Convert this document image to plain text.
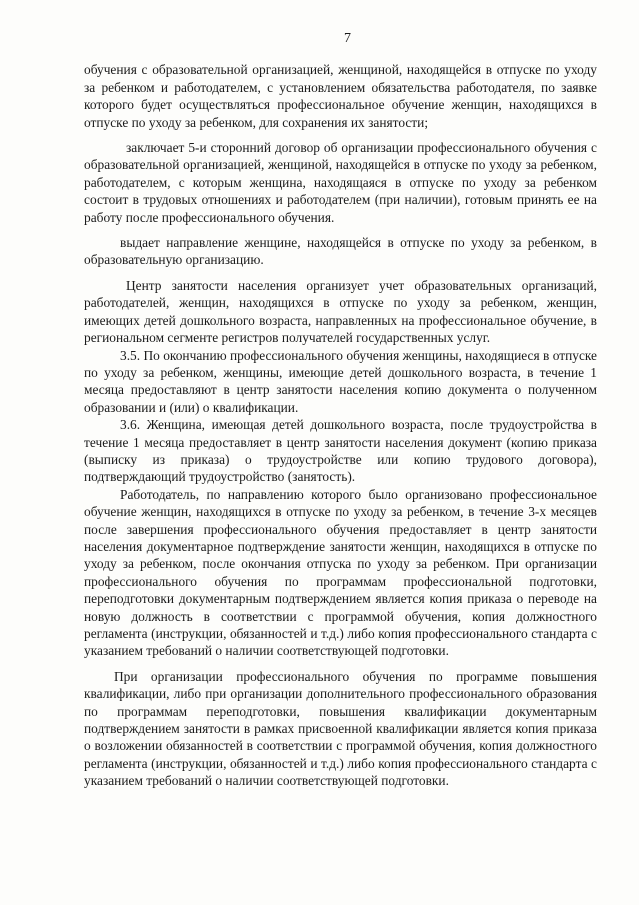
7

обучения с образовательной организацией, женщиной, находящейся в отпуске по уходу за ребенком и работодателем, с установлением обязательства работодателя, по заявке которого будет осуществляться профессиональное обучение женщин, находящихся в отпуске по уходу за ребенком, для сохранения их занятости;

заключает 5-и сторонний договор об организации профессионального обучения с образовательной организацией, женщиной, находящейся в отпуске по уходу за ребенком, работодателем, с которым женщина, находящаяся в отпуске по уходу за ребенком состоит в трудовых отношениях и работодателем (при наличии), готовым принять ее на работу после профессионального обучения.

выдает направление женщине, находящейся в отпуске по уходу за ребенком, в образовательную организацию.

Центр занятости населения организует учет образовательных организаций, работодателей, женщин, находящихся в отпуске по уходу за ребенком, женщин, имеющих детей дошкольного возраста, направленных на профессиональное обучение, в региональном сегменте регистров получателей государственных услуг.

3.5. По окончанию профессионального обучения женщины, находящиеся в отпуске по уходу за ребенком, женщины, имеющие детей дошкольного возраста, в течение 1 месяца предоставляют в центр занятости населения копию документа о полученном образовании и (или) о квалификации.

3.6. Женщина, имеющая детей дошкольного возраста, после трудоустройства в течение 1 месяца предоставляет в центр занятости населения документ (копию приказа (выписку из приказа) о трудоустройстве или копию трудового договора), подтверждающий трудоустройство (занятость).

Работодатель, по направлению которого было организовано профессиональное обучение женщин, находящихся в отпуске по уходу за ребенком, в течение 3-х месяцев после завершения профессионального обучения предоставляет в центр занятости населения документарное подтверждение занятости женщин, находящихся в отпуске по уходу за ребенком, после окончания отпуска по уходу за ребенком. При организации профессионального обучения по программам профессиональной подготовки, переподготовки документарным подтверждением является копия приказа о переводе на новую должность в соответствии с программой обучения, копия должностного регламента (инструкции, обязанностей и т.д.) либо копия профессионального стандарта с указанием требований о наличии соответствующей подготовки.

При организации профессионального обучения по программе повышения квалификации, либо при организации дополнительного профессионального образования по программам переподготовки, повышения квалификации документарным подтверждением занятости в рамках присвоенной квалификации является копия приказа о возложении обязанностей в соответствии с программой обучения, копия должностного регламента (инструкции, обязанностей и т.д.) либо копия профессионального стандарта с указанием требований о наличии соответствующей подготовки.
